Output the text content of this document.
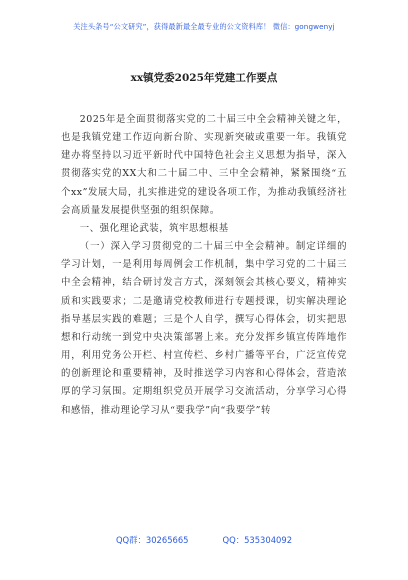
关注头条号“公文研究”，获得最新最全最专业的公文资料库！ 微信：gongwenyj
xx镇党委2025年党建工作要点

2025年是全面贯彻落实党的二十届三中全会精神关键之年，也是我镇党建工作迈向新台阶、实现新突破或重要一年。我镇党建办将坚持以习近平新时代中国特色社会主义思想为指导，深入贯彻落实党的XX大和二十届二中、三中全会精神，紧紧围绕“五个xx”发展大局，扎实推进党的建设各项工作，为推动我镇经济社会高质量发展提供坚强的组织保障。

一、强化理论武装，筑牢思想根基

（一）深入学习贯彻党的二十届三中全会精神。制定详细的学习计划，一是利用每周例会工作机制，集中学习党的二十届三中全会精神，结合研讨发言方式，深刻领会其核心要义，精神实质和实践要求；二是邀请党校教师进行专题授课，切实解决理论指导基层实践的难题；三是个人自学，撰写心得体会，切实把思想和行动统一到党中央决策部署上来。充分发挥乡镇宣传阵地作用，利用党务公开栏、村宣传栏、乡村广播等平台，广泛宣传党的创新理论和重要精神，及时推送学习内容和心得体会，营造浓厚的学习氛围。定期组织党员开展学习交流活动，分享学习心得和感悟，推动理论学习从“要我学”向“我要学”转

QQ群：30265665	QQ：535304092
